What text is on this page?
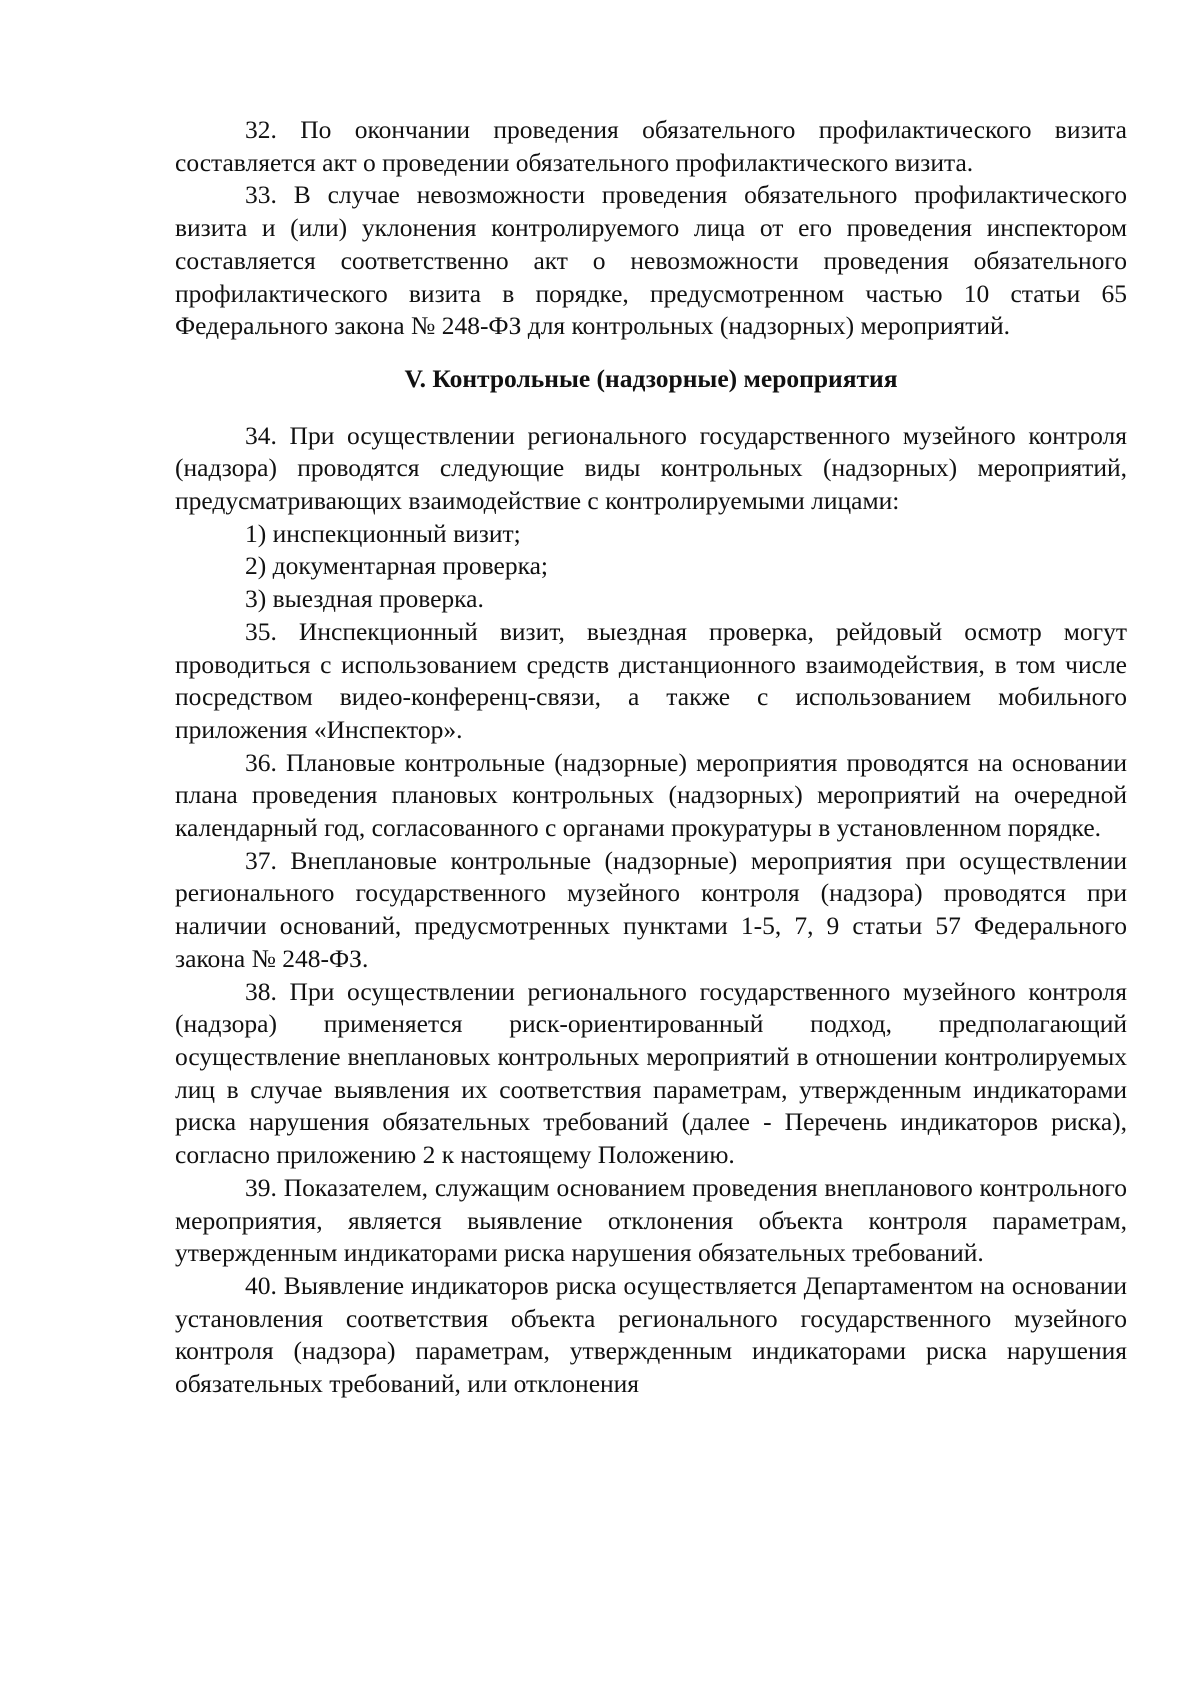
32. По окончании проведения обязательного профилактического визита составляется акт о проведении обязательного профилактического визита.

33. В случае невозможности проведения обязательного профилактического визита и (или) уклонения контролируемого лица от его проведения инспектором составляется соответственно акт о невозможности проведения обязательного профилактического визита в порядке, предусмотренном частью 10 статьи 65 Федерального закона № 248-ФЗ для контрольных (надзорных) мероприятий.

V. Контрольные (надзорные) мероприятия

34. При осуществлении регионального государственного музейного контроля (надзора) проводятся следующие виды контрольных (надзорных) мероприятий, предусматривающих взаимодействие с контролируемыми лицами:

1) инспекционный визит;

2) документарная проверка;

3) выездная проверка.

35. Инспекционный визит, выездная проверка, рейдовый осмотр могут проводиться с использованием средств дистанционного взаимодействия, в том числе посредством видео-конференц-связи, а также с использованием мобильного приложения «Инспектор».

36. Плановые контрольные (надзорные) мероприятия проводятся на основании плана проведения плановых контрольных (надзорных) мероприятий на очередной календарный год, согласованного с органами прокуратуры в установленном порядке.

37. Внеплановые контрольные (надзорные) мероприятия при осуществлении регионального государственного музейного контроля (надзора) проводятся при наличии оснований, предусмотренных пунктами 1-5, 7, 9 статьи 57 Федерального закона № 248-ФЗ.

38. При осуществлении регионального государственного музейного контроля (надзора) применяется риск-ориентированный подход, предполагающий осуществление внеплановых контрольных мероприятий в отношении контролируемых лиц в случае выявления их соответствия параметрам, утвержденным индикаторами риска нарушения обязательных требований (далее - Перечень индикаторов риска), согласно приложению 2 к настоящему Положению.

39. Показателем, служащим основанием проведения внепланового контрольного мероприятия, является выявление отклонения объекта контроля параметрам, утвержденным индикаторами риска нарушения обязательных требований.

40. Выявление индикаторов риска осуществляется Департаментом на основании установления соответствия объекта регионального государственного музейного контроля (надзора) параметрам, утвержденным индикаторами риска нарушения обязательных требований, или отклонения
